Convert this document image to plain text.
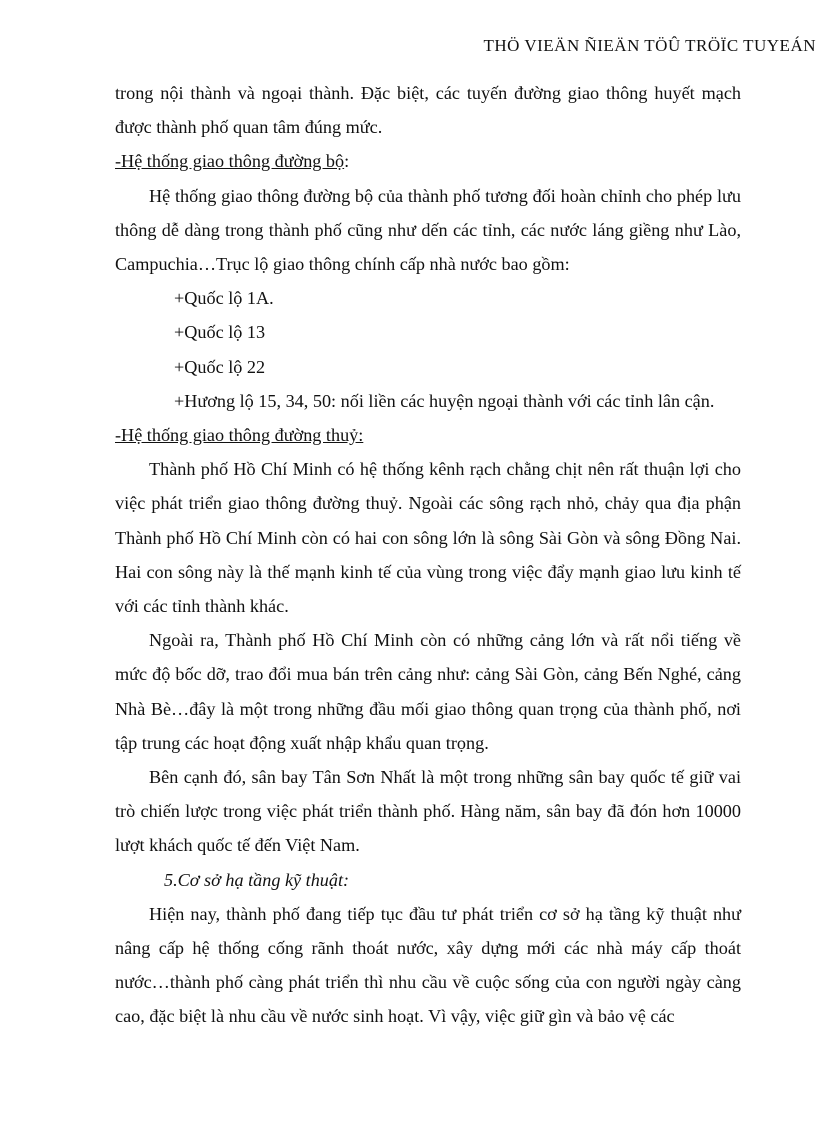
THÖ VIEÄN ÑIEÄN TÖÛ TRÖÏC TUYEÁN

trong nội thành và ngoại thành. Đặc biệt, các tuyến đường giao thông huyết mạch được thành phố quan tâm đúng mức.

-Hệ thống giao thông đường bộ:

Hệ thống giao thông đường bộ của thành phố tương đối hoàn chỉnh cho phép lưu thông dễ dàng trong thành phố cũng như dến các tỉnh, các nước láng giềng như Lào, Campuchia…Trục lộ giao thông chính cấp nhà nước bao gồm:

+Quốc lộ 1A.

+Quốc lộ 13

+Quốc lộ 22

+Hương lộ 15, 34, 50: nối liền các huyện ngoại thành với các tỉnh lân cận.

-Hệ thống giao thông đường thuỷ:

Thành phố Hồ Chí Minh có hệ thống kênh rạch chằng chịt nên rất thuận lợi cho việc phát triển giao thông đường thuỷ. Ngoài các sông rạch nhỏ, chảy qua địa phận Thành phố Hồ Chí Minh còn có hai con sông lớn là sông Sài Gòn và sông Đồng Nai. Hai con sông này là thế mạnh kinh tế của vùng trong việc đẩy mạnh giao lưu kinh tế với các tỉnh thành khác.

Ngoài ra, Thành phố Hồ Chí Minh còn có những cảng lớn và rất nổi tiếng về mức độ bốc dỡ, trao đổi mua bán trên cảng như: cảng Sài Gòn, cảng Bến Nghé, cảng Nhà Bè…đây là một trong những đầu mối giao thông quan trọng của thành phố, nơi tập trung các hoạt động xuất nhập khẩu quan trọng.

Bên cạnh đó, sân bay Tân Sơn Nhất là một trong những sân bay quốc tế giữ vai trò chiến lược trong việc phát triển thành phố. Hàng năm, sân bay đã đón hơn 10000 lượt khách quốc tế đến Việt Nam.

5.Cơ sở hạ tầng kỹ thuật:

Hiện nay, thành phố đang tiếp tục đầu tư phát triển cơ sở hạ tầng kỹ thuật như nâng cấp hệ thống cống rãnh thoát nước, xây dựng mới các nhà máy cấp thoát nước…thành phố càng phát triển thì nhu cầu về cuộc sống của con người ngày càng cao, đặc biệt là nhu cầu về nước sinh hoạt. Vì vậy, việc giữ gìn và bảo vệ các
